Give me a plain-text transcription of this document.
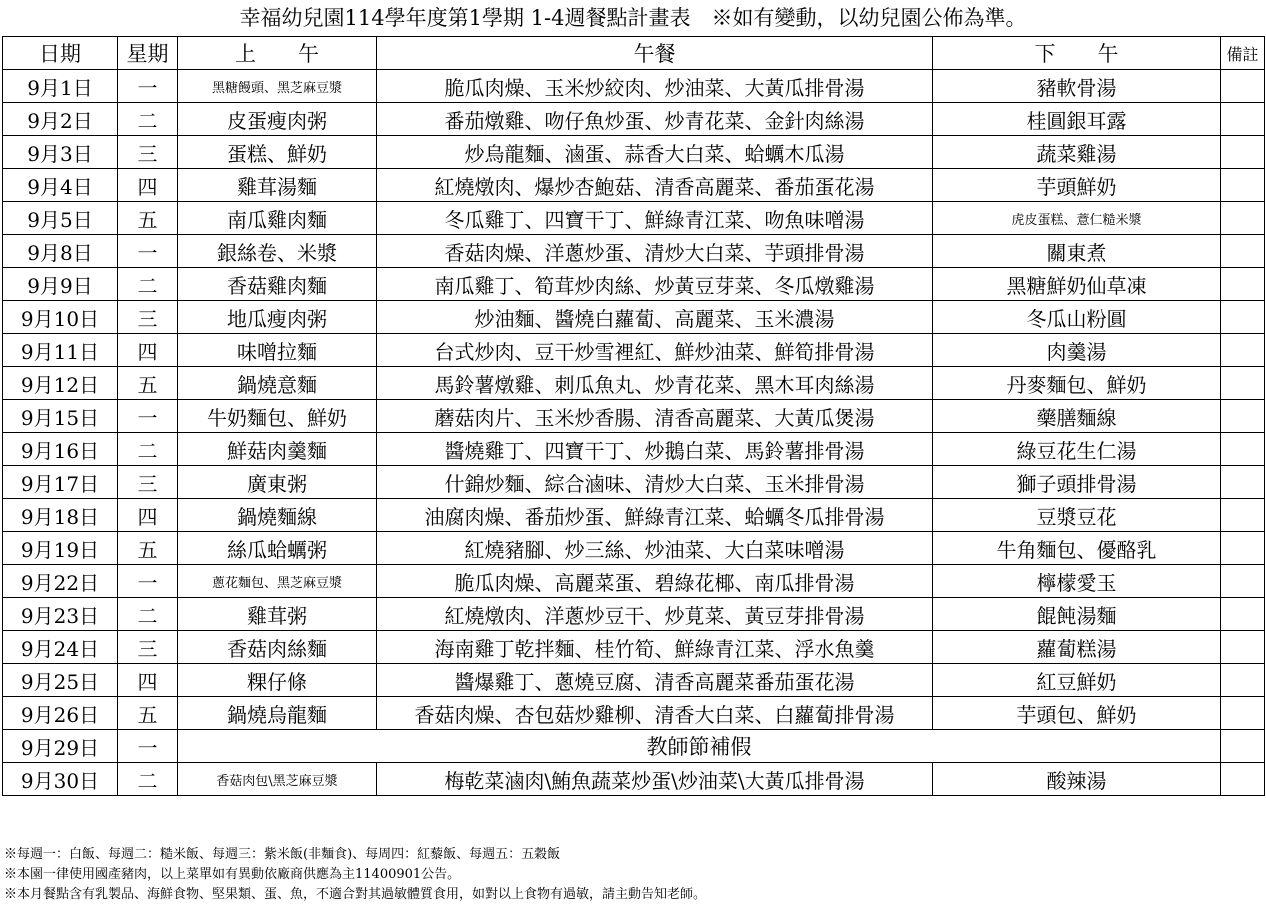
幸福幼兒園114學年度第1學期 1-4週餐點計畫表　※如有變動，以幼兒園公佈為準。
日期	星期	上　　午	午餐	下　　午	備註
9月1日	一	黑糖饅頭、黑芝麻豆漿	脆瓜肉燥、玉米炒絞肉、炒油菜、大黃瓜排骨湯	豬軟骨湯	
9月2日	二	皮蛋瘦肉粥	番茄燉雞、吻仔魚炒蛋、炒青花菜、金針肉絲湯	桂圓銀耳露	
9月3日	三	蛋糕、鮮奶	炒烏龍麵、滷蛋、蒜香大白菜、蛤蠣木瓜湯	蔬菜雞湯	
9月4日	四	雞茸湯麵	紅燒燉肉、爆炒杏鮑菇、清香高麗菜、番茄蛋花湯	芋頭鮮奶	
9月5日	五	南瓜雞肉麵	冬瓜雞丁、四寶干丁、鮮綠青江菜、吻魚味噌湯	虎皮蛋糕、薏仁糙米漿	
9月8日	一	銀絲卷、米漿	香菇肉燥、洋蔥炒蛋、清炒大白菜、芋頭排骨湯	關東煮	
9月9日	二	香菇雞肉麵	南瓜雞丁、筍茸炒肉絲、炒黃豆芽菜、冬瓜燉雞湯	黑糖鮮奶仙草凍	
9月10日	三	地瓜瘦肉粥	炒油麵、醬燒白蘿蔔、高麗菜、玉米濃湯	冬瓜山粉圓	
9月11日	四	味噌拉麵	台式炒肉、豆干炒雪裡紅、鮮炒油菜、鮮筍排骨湯	肉羹湯	
9月12日	五	鍋燒意麵	馬鈴薯燉雞、刺瓜魚丸、炒青花菜、黑木耳肉絲湯	丹麥麵包、鮮奶	
9月15日	一	牛奶麵包、鮮奶	蘑菇肉片、玉米炒香腸、清香高麗菜、大黃瓜煲湯	藥膳麵線	
9月16日	二	鮮菇肉羹麵	醬燒雞丁、四寶干丁、炒鵝白菜、馬鈴薯排骨湯	綠豆花生仁湯	
9月17日	三	廣東粥	什錦炒麵、綜合滷味、清炒大白菜、玉米排骨湯	獅子頭排骨湯	
9月18日	四	鍋燒麵線	油腐肉燥、番茄炒蛋、鮮綠青江菜、蛤蠣冬瓜排骨湯	豆漿豆花	
9月19日	五	絲瓜蛤蠣粥	紅燒豬腳、炒三絲、炒油菜、大白菜味噌湯	牛角麵包、優酪乳	
9月22日	一	蔥花麵包、黑芝麻豆漿	脆瓜肉燥、高麗菜蛋、碧綠花椰、南瓜排骨湯	檸檬愛玉	
9月23日	二	雞茸粥	紅燒燉肉、洋蔥炒豆干、炒莧菜、黃豆芽排骨湯	餛飩湯麵	
9月24日	三	香菇肉絲麵	海南雞丁乾拌麵、桂竹筍、鮮綠青江菜、浮水魚羹	蘿蔔糕湯	
9月25日	四	粿仔條	醬爆雞丁、蔥燒豆腐、清香高麗菜番茄蛋花湯	紅豆鮮奶	
9月26日	五	鍋燒烏龍麵	香菇肉燥、杏包菇炒雞柳、清香大白菜、白蘿蔔排骨湯	芋頭包、鮮奶	
9月29日	一	教師節補假			
9月30日	二	香菇肉包\黑芝麻豆漿	梅乾菜滷肉\鮪魚蔬菜炒蛋\炒油菜\大黃瓜排骨湯	酸辣湯	
※每週一：白飯、每週二：糙米飯、每週三：紫米飯(非麵食)、每周四：紅藜飯、每週五：五穀飯
※本園一律使用國產豬肉，以上菜單如有異動依廠商供應為主11400901公告。
※本月餐點含有乳製品、海鮮食物、堅果類、蛋、魚，不適合對其過敏體質食用，如對以上食物有過敏，請主動告知老師。
